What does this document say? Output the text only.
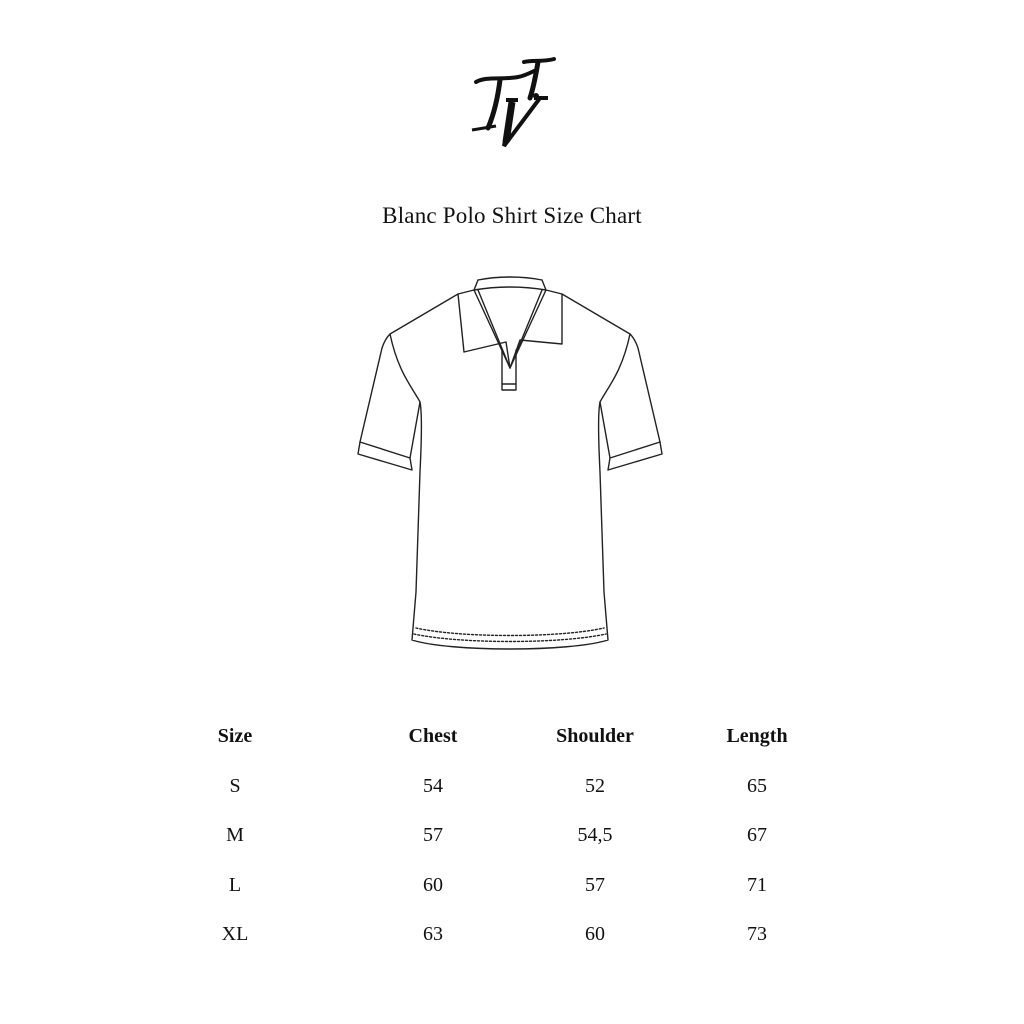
Blanc Polo Shirt Size Chart
Size	Chest	Shoulder	Length
S	54	52	65
M	57	54,5	67
L	60	57	71
XL	63	60	73
